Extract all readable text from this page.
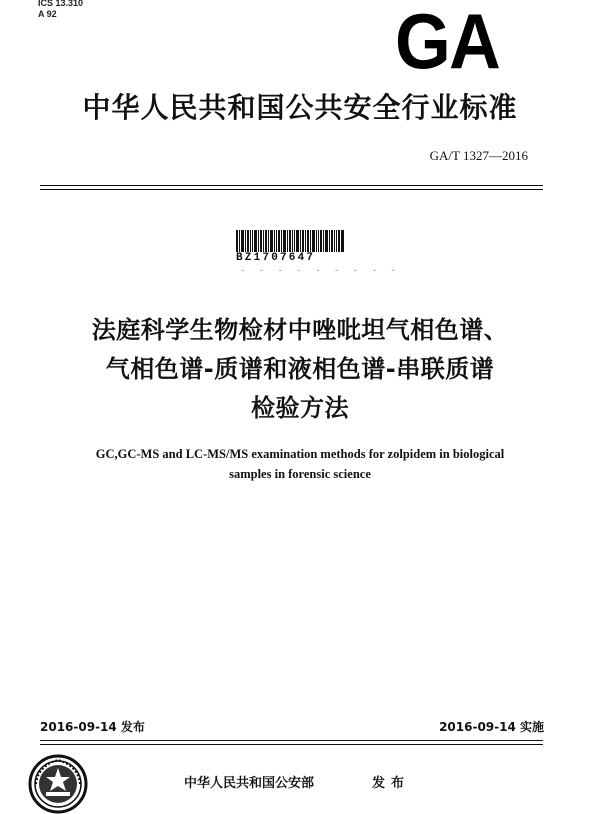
ICS 13.310
A 92	GA
中华人民共和国公共安全行业标准
GA/T 1327—2016
BZ1707647
- - - - - - - - -
法庭科学生物检材中唑吡坦气相色谱、
气相色谱-质谱和液相色谱-串联质谱
检验方法
GC,GC-MS and LC-MS/MS examination methods for zolpidem in biological
samples in forensic science
2016-09-14 发布	2016-09-14 实施
中华人民共和国公安部	发布
